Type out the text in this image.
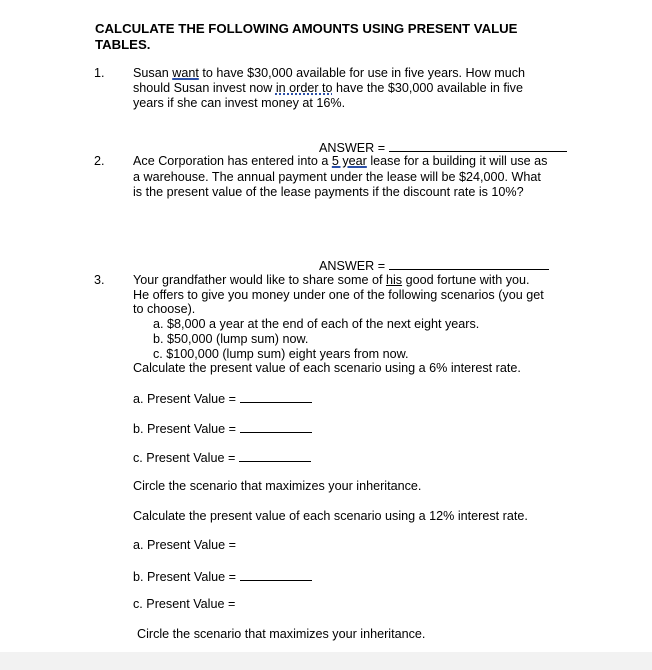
CALCULATE THE FOLLOWING AMOUNTS USING PRESENT VALUE
TABLES.
1. Susan want to have $30,000 available for use in five years. How much
should Susan invest now in order to have the $30,000 available in five
years if she can invest money at 16%.
ANSWER =
2. Ace Corporation has entered into a 5 year lease for a building it will use as
a warehouse. The annual payment under the lease will be $24,000. What
is the present value of the lease payments if the discount rate is 10%?
ANSWER =
3. Your grandfather would like to share some of his good fortune with you.
He offers to give you money under one of the following scenarios (you get
to choose).
a. $8,000 a year at the end of each of the next eight years.
b. $50,000 (lump sum) now.
c. $100,000 (lump sum) eight years from now.
Calculate the present value of each scenario using a 6% interest rate.
a. Present Value =
b. Present Value =
c. Present Value =
Circle the scenario that maximizes your inheritance.
Calculate the present value of each scenario using a 12% interest rate.
a. Present Value =
b. Present Value =
c. Present Value =
Circle the scenario that maximizes your inheritance.
